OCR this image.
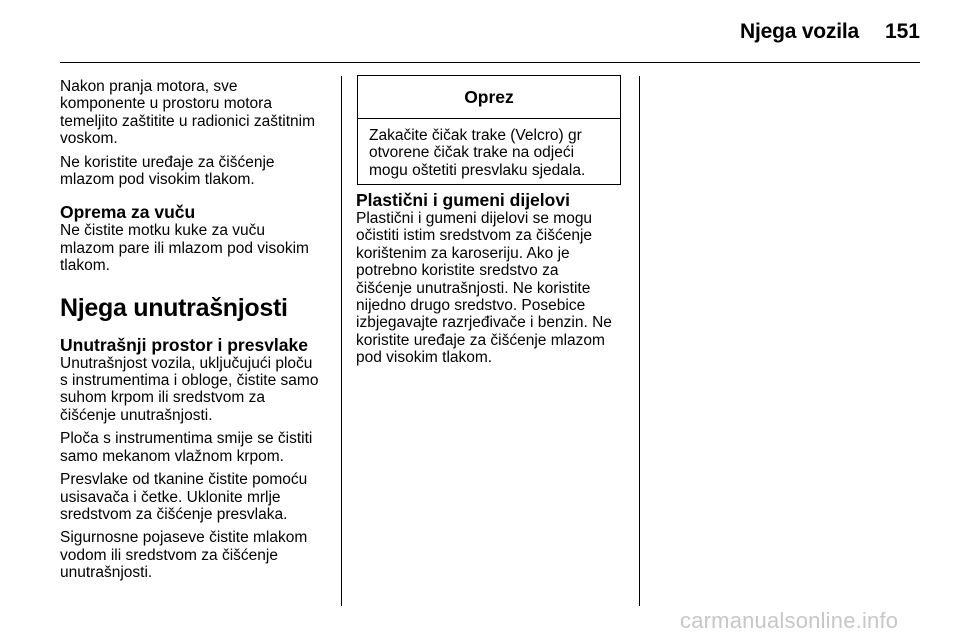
Njega vozila	151

Nakon pranja motora, sve
komponente u prostoru motora
temeljito zaštitite u radionici zaštitnim
voskom.

Ne koristite uređaje za čišćenje
mlazom pod visokim tlakom.

Oprema za vuču

Ne čistite motku kuke za vuču
mlazom pare ili mlazom pod visokim
tlakom.

Njega unutrašnjosti
Unutrašnji prostor i presvlake

Unutrašnjost vozila, uključujući ploču
s instrumentima i obloge, čistite samo
suhom krpom ili sredstvom za
čišćenje unutrašnjosti.

Ploča s instrumentima smije se čistiti
samo mekanom vlažnom krpom.

Presvlake od tkanine čistite pomoću
usisavača i četke. Uklonite mrlje
sredstvom za čišćenje presvlaka.

Sigurnosne pojaseve čistite mlakom
vodom ili sredstvom za čišćenje
unutrašnjosti.

Oprez
Zakačite čičak trake (Velcro) gr
otvorene čičak trake na odjeći
mogu oštetiti presvlaku sjedala.
Plastični i gumeni dijelovi

Plastični i gumeni dijelovi se mogu
očistiti istim sredstvom za čišćenje
korištenim za karoseriju. Ako je
potrebno koristite sredstvo za
čišćenje unutrašnjosti. Ne koristite
nijedno drugo sredstvo. Posebice
izbjegavajte razrjeđivače i benzin. Ne
koristite uređaje za čišćenje mlazom
pod visokim tlakom.

carmanualsonline.info
